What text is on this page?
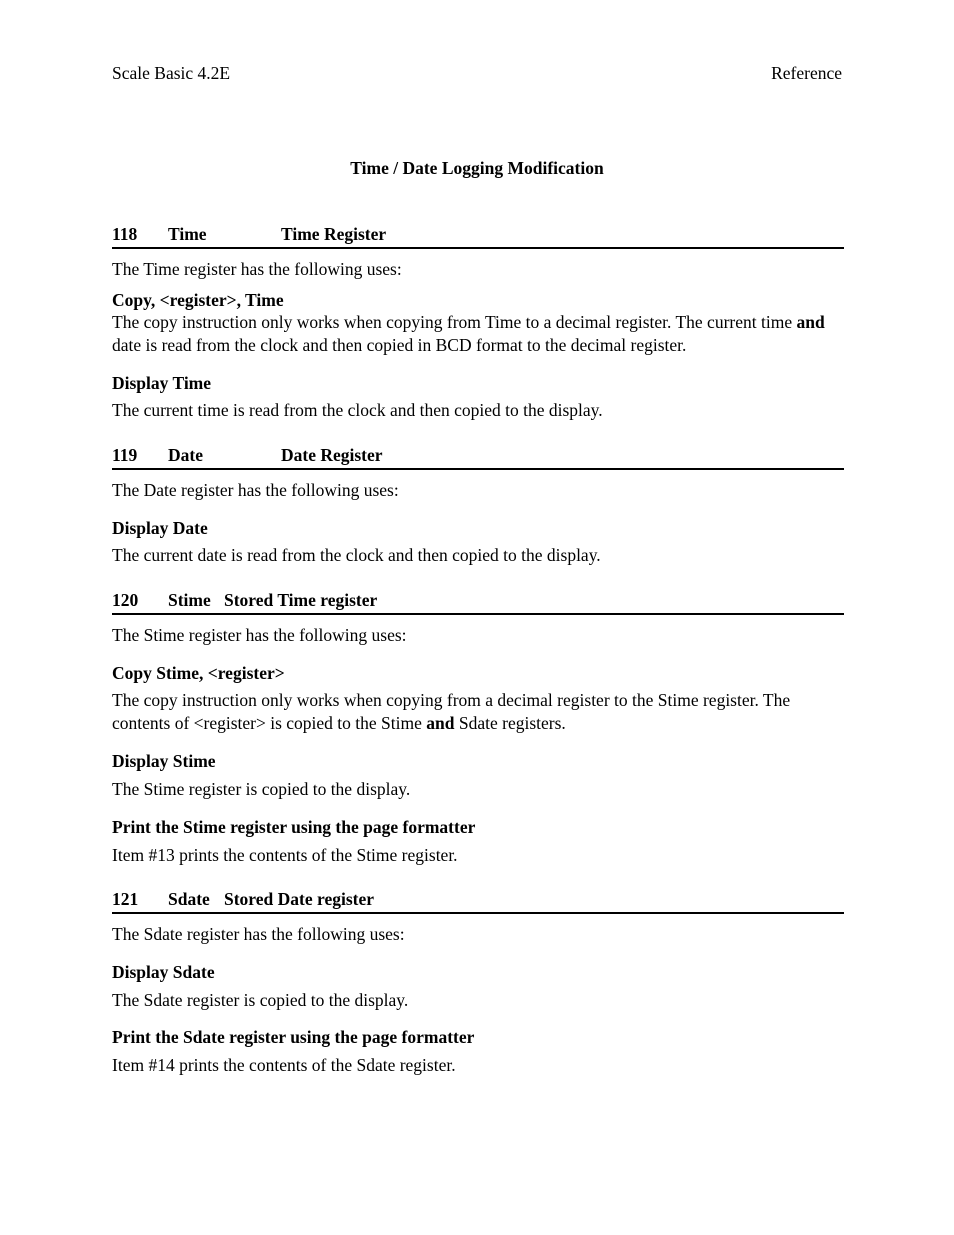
Scale Basic 4.2E	Reference
Time / Date Logging Modification
118 Time	Time Register
The Time register has the following uses:
Copy, <register>, Time

The copy instruction only works when copying from Time to a decimal register. The current time and date is read from the clock and then copied in BCD format to the decimal register.

Display Time
The current time is read from the clock and then copied to the display.
119 Date	Date Register
The Date register has the following uses:
Display Date
The current date is read from the clock and then copied to the display.
120 Stime Stored Time register
The Stime register has the following uses:
Copy Stime, <register>

The copy instruction only works when copying from a decimal register to the Stime register. The contents of <register> is copied to the Stime and Sdate registers.

Display Stime
The Stime register is copied to the display.
Print the Stime register using the page formatter
Item #13 prints the contents of the Stime register.
121 Sdate Stored Date register
The Sdate register has the following uses:
Display Sdate
The Sdate register is copied to the display.
Print the Sdate register using the page formatter
Item #14 prints the contents of the Sdate register.
